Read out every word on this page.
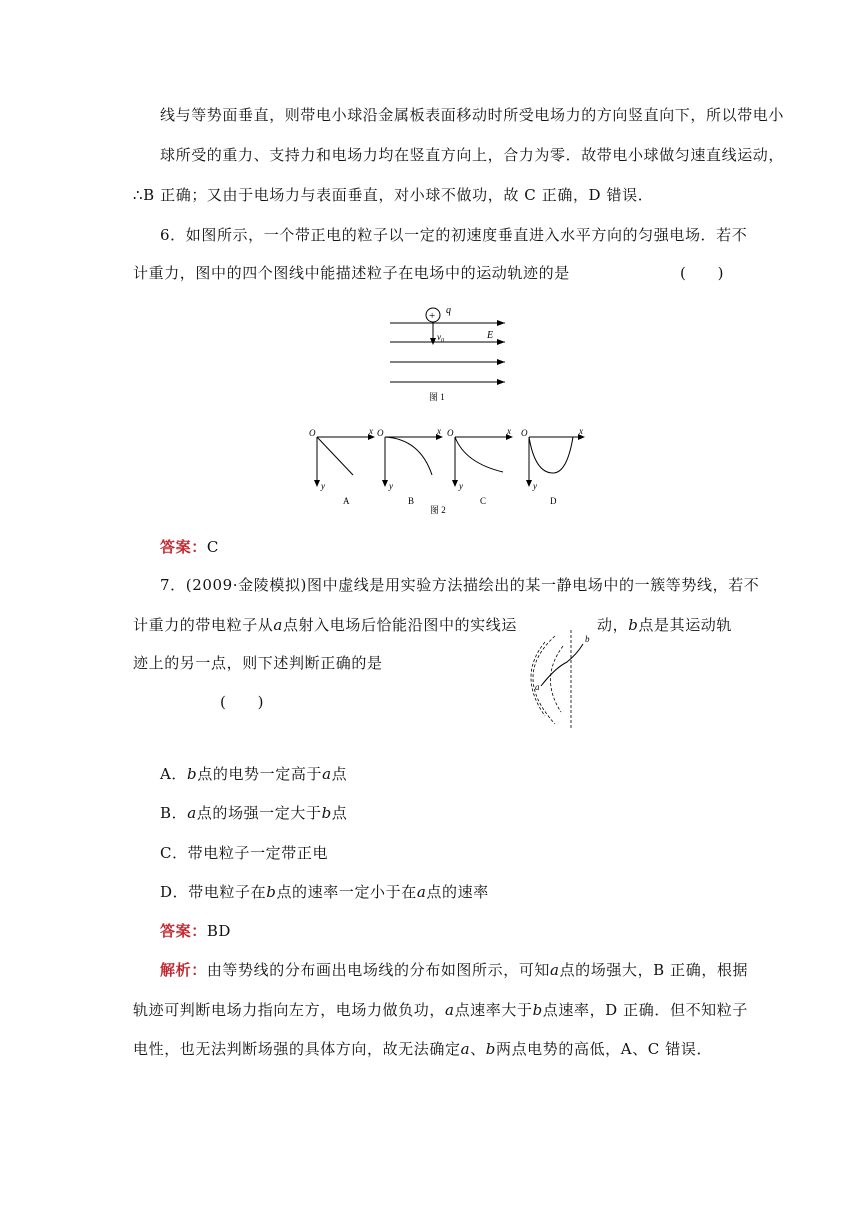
线与等势面垂直，则带电小球沿金属板表面移动时所受电场力的方向竖直向下，所以带电小
球所受的重力、支持力和电场力均在竖直方向上，合力为零．故带电小球做匀速直线运动，
∴B 正确；又由于电场力与表面垂直，对小球不做功，故 C 正确，D 错误．
6．如图所示，一个带正电的粒子以一定的初速度垂直进入水平方向的匀强电场．若不
计重力，图中的四个图线中能描述粒子在电场中的运动轨迹的是	(　　)
+ q
$v_0$	E
图 1
O	x
y
O	x
y
O	x
y
O	x
y
A	B	C	D
图 2
答案：C
7．(2009·金陵模拟)图中虚线是用实验方法描绘出的某一静电场中的一簇等势线，若不
计重力的带电粒子从a点射入电场后恰能沿图中的实线运	动，b点是其运动轨
迹上的另一点，则下述判断正确的是
(　　)
a
b
A．b点的电势一定高于a点
B．a点的场强一定大于b点
C．带电粒子一定带正电
D．带电粒子在b点的速率一定小于在a点的速率
答案：BD
解析：由等势线的分布画出电场线的分布如图所示，可知a点的场强大，B 正确，根据
轨迹可判断电场力指向左方，电场力做负功，a点速率大于b点速率，D 正确．但不知粒子
电性，也无法判断场强的具体方向，故无法确定a、b两点电势的高低，A、C 错误．
